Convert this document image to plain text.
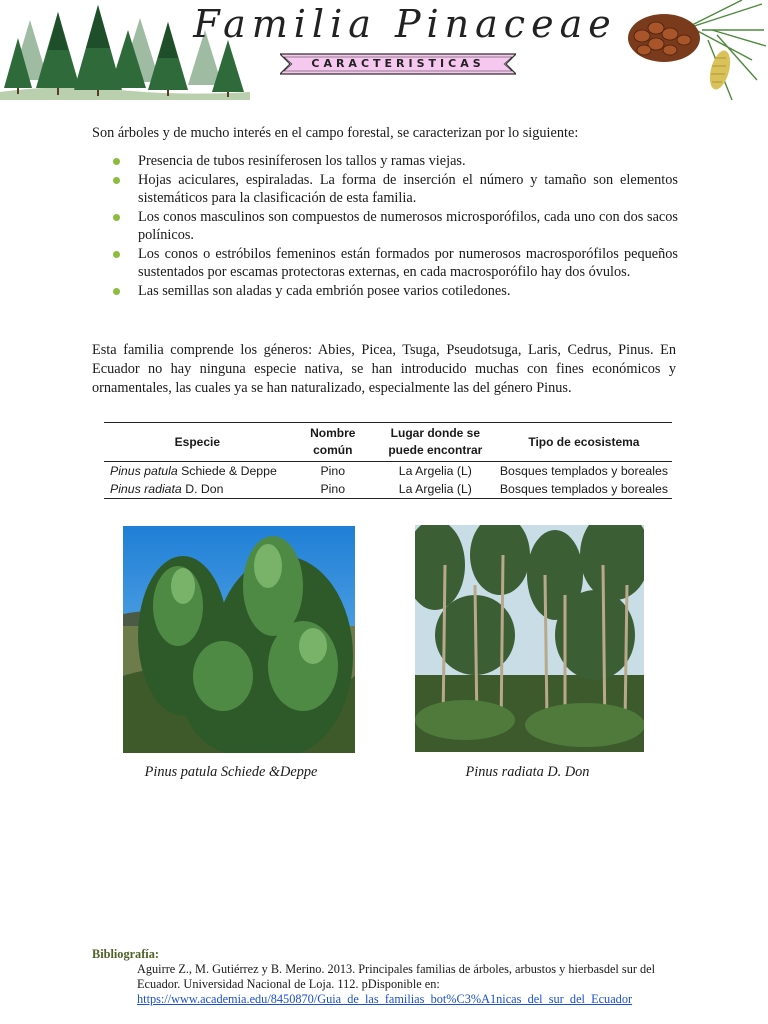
Familia Pinaceae
CARACTERISTICAS
Son árboles y de mucho interés en el campo forestal, se caracterizan por lo siguiente:
Presencia de tubos resiníferosen los tallos y ramas viejas.
Hojas aciculares, espiraladas. La forma de inserción el número y tamaño son elementos sistemáticos para la clasificación de esta familia.
Los conos masculinos son compuestos de numerosos microsporófilos, cada uno con dos sacos polínicos.
Los conos o estróbilos femeninos están formados por numerosos macrosporófilos pequeños sustentados por escamas protectoras externas, en cada macrosporófilo hay dos óvulos.
Las semillas son aladas y cada embrión posee varios cotiledones.
Esta familia comprende los géneros: Abies, Picea, Tsuga, Pseudotsuga, Laris, Cedrus, Pinus. En Ecuador no hay ninguna especie nativa, se han introducido muchas con fines económicos y ornamentales, las cuales ya se han naturalizado, especialmente las del género Pinus.
Especie	Nombre común	Lugar donde se puede encontrar	Tipo de ecosistema
Pinus patula Schiede & Deppe	Pino	La Argelia (L)	Bosques templados y boreales
Pinus radiata D. Don	Pino	La Argelia (L)	Bosques templados y boreales
Pinus patula Schiede &Deppe	Pinus radiata D. Don
Bibliografía:
Aguirre Z., M. Gutiérrez y B. Merino. 2013. Principales familias de árboles, arbustos y hierbasdel sur del Ecuador. Universidad Nacional de Loja. 112. pDisponible en:
https://www.academia.edu/8450870/Guia_de_las_familias_bot%C3%A1nicas_del_sur_del_Ecuador
